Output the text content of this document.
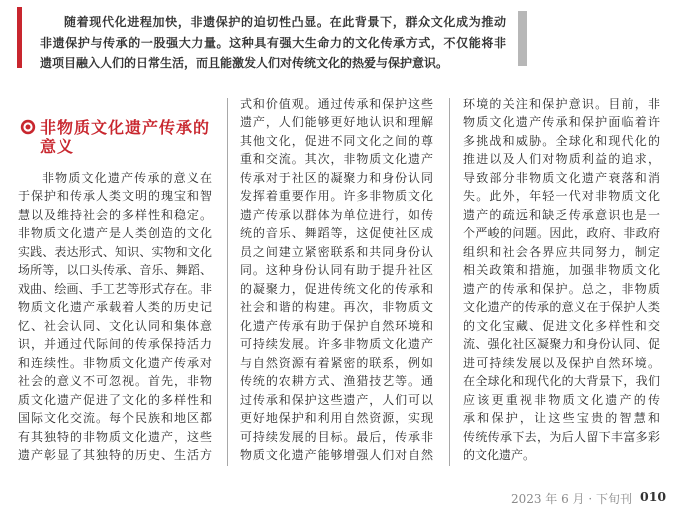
随着现代化进程加快，非遗保护的迫切性凸显。在此背景下，群众文化成为推动
非遗保护与传承的一股强大力量。这种具有强大生命力的文化传承方式，不仅能将非
遗项目融入人们的日常生活，而且能激发人们对传统文化的热爱与保护意识。
非物质文化遗产传承的意义
非物质文化遗产传承的意义在
于保护和传承人类文明的瑰宝和智
慧以及维持社会的多样性和稳定。
非物质文化遗产是人类创造的文化
实践、表达形式、知识、实物和文化
场所等，以口头传承、音乐、舞蹈、
戏曲、绘画、手工艺等形式存在。非
物质文化遗产承载着人类的历史记
忆、社会认同、文化认同和集体意
识，并通过代际间的传承保持活力
和连续性。非物质文化遗产传承对
社会的意义不可忽视。首先，非物
质文化遗产促进了文化的多样性和
国际文化交流。每个民族和地区都
有其独特的非物质文化遗产，这些
遗产彰显了其独特的历史、生活方
式和价值观。通过传承和保护这些
遗产，人们能够更好地认识和理解
其他文化，促进不同文化之间的尊
重和交流。其次，非物质文化遗产
传承对于社区的凝聚力和身份认同
发挥着重要作用。许多非物质文化
遗产传承以群体为单位进行，如传
统的音乐、舞蹈等，这促使社区成
员之间建立紧密联系和共同身份认
同。这种身份认同有助于提升社区
的凝聚力，促进传统文化的传承和
社会和谐的构建。再次，非物质文
化遗产传承有助于保护自然环境和
可持续发展。许多非物质文化遗产
与自然资源有着紧密的联系，例如
传统的农耕方式、渔猎技艺等。通
过传承和保护这些遗产，人们可以
更好地保护和利用自然资源，实现
可持续发展的目标。最后，传承非
物质文化遗产能够增强人们对自然
环境的关注和保护意识。目前，非
物质文化遗产传承和保护面临着许
多挑战和威胁。全球化和现代化的
推进以及人们对物质利益的追求，
导致部分非物质文化遗产衰落和消
失。此外，年轻一代对非物质文化
遗产的疏远和缺乏传承意识也是一
个严峻的问题。因此，政府、非政府
组织和社会各界应共同努力，制定
相关政策和措施，加强非物质文化
遗产的传承和保护。总之，非物质
文化遗产的传承的意义在于保护人类
的文化宝藏、促进文化多样性和交
流、强化社区凝聚力和身份认同、促
进可持续发展以及保护自然环境。
在全球化和现代化的大背景下，我们
应该更重视非物质文化遗产的传
承和保护，让这些宝贵的智慧和
传统传承下去，为后人留下丰富多彩
的文化遗产。
2023 年 6 月 · 下旬刊 010
